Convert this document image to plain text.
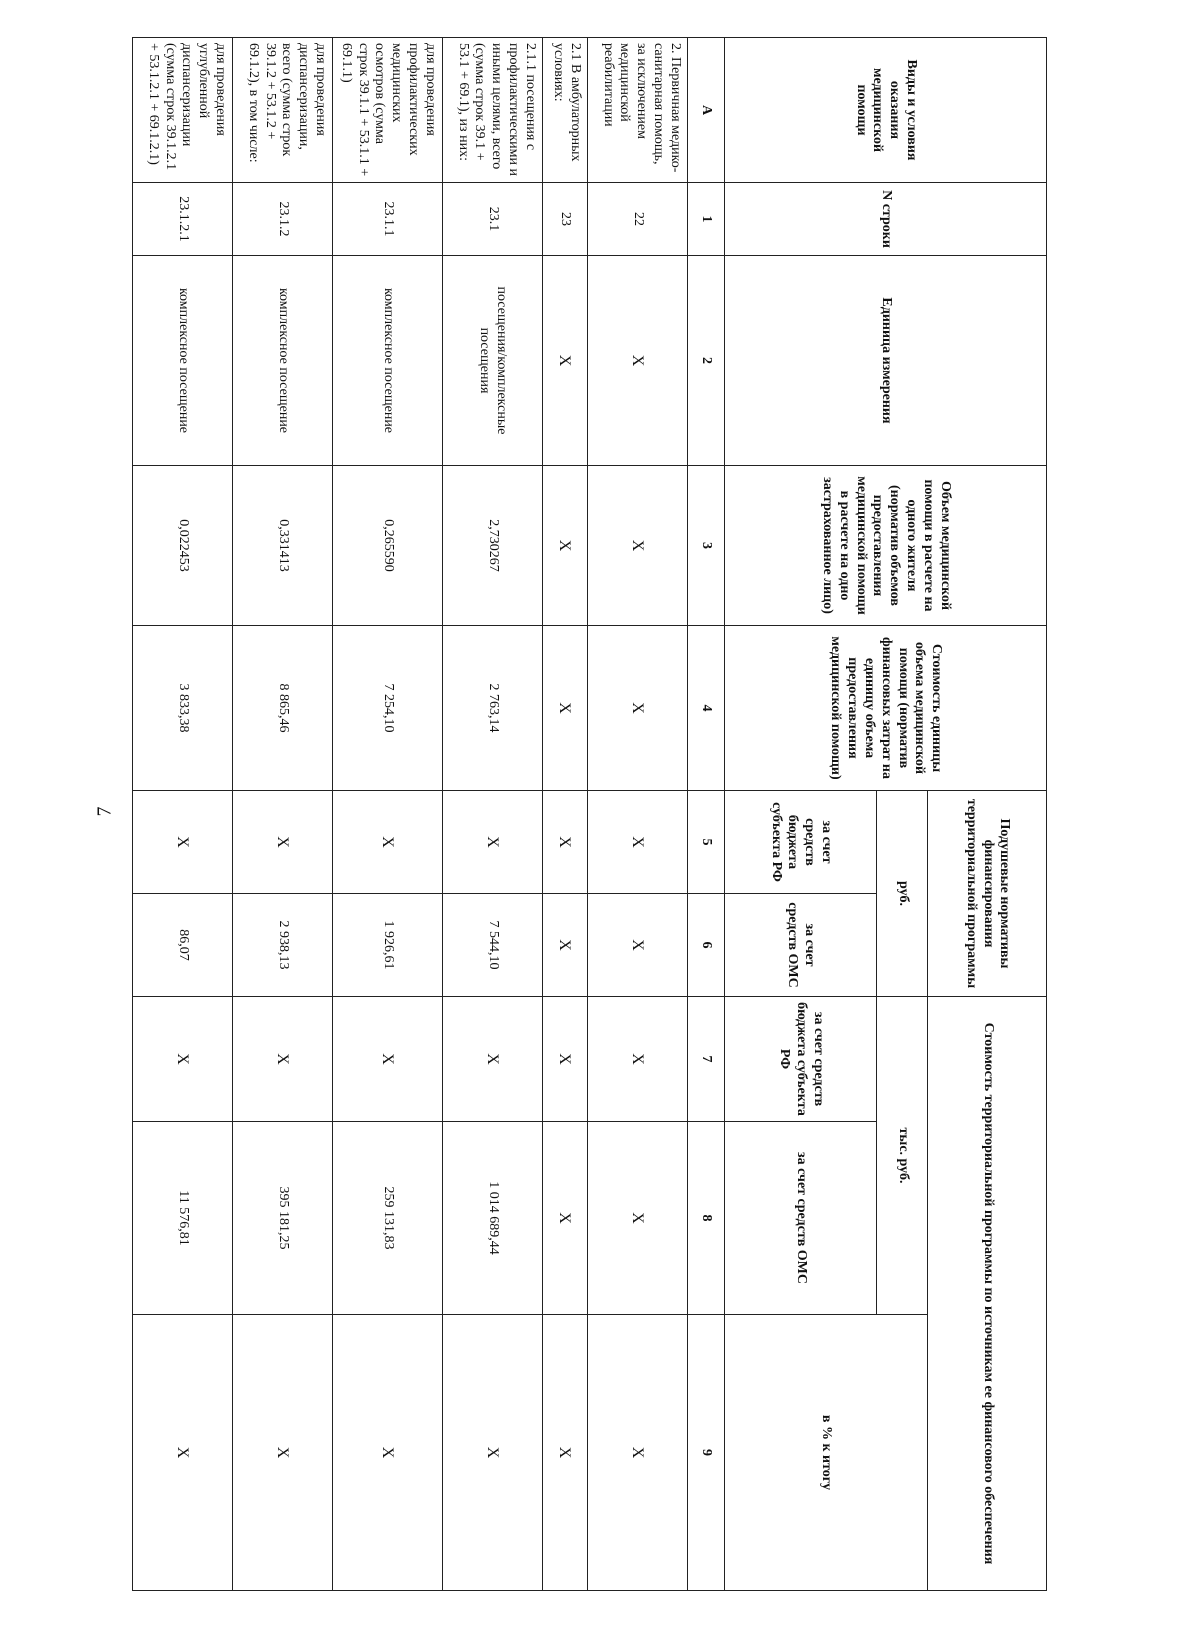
7
Виды и условия оказания медицинской помощи	N строки	Единица измерения	Объем медицинской помощи в расчете на одного жителя (норматив объемов предоставления медицинской помощи в расчете на одно застрахованное лицо)	Стоимость единицы объема медицинской помощи (норматив финансовых затрат на единицу объема предоставления медицинской помощи)	Подушевые нормативы финансирования территориальной программы		Стоимость территориальной программы по источникам ее финансового обеспечения		
					руб.		тыс. руб.		в % к итогу
					за счет средств бюджета субъекта РФ	за счет средств ОМС	за счет средств бюджета субъекта РФ	за счет средств ОМС	
А	1	2	3	4	5	6	7	8	9
2. Первичная медико-санитарная помощь, за исключением медицинской реабилитации	22	Х	Х	Х	Х	Х	Х	Х	Х
2.1 В амбулаторных условиях:	23	Х	Х	Х	Х	Х	Х	Х	Х
2.1.1 посещения с профилактическими и иными целями, всего (сумма строк 39.1 + 53.1 + 69.1), из них:	23.1	посещения/комплексные посещения	2,730267	2 763,14	Х	7 544,10	Х	1 014 689,44	Х
для проведения профилактических медицинских осмотров (сумма строк 39.1.1 + 53.1.1 + 69.1.1)	23.1.1	комплексное посещение	0,265590	7 254,10	Х	1 926,61	Х	259 131,83	Х
для проведения диспансеризации, всего (сумма строк 39.1.2 + 53.1.2 + 69.1.2), в том числе:	23.1.2	комплексное посещение	0,331413	8 865,46	Х	2 938,13	Х	395 181,25	Х
для проведения углубленной диспансеризации (сумма строк 39.1.2.1 + 53.1.2.1 + 69.1.2.1)	23.1.2.1	комплексное посещение	0,022453	3 833,38	Х	86,07	Х	11 576,81	Х
